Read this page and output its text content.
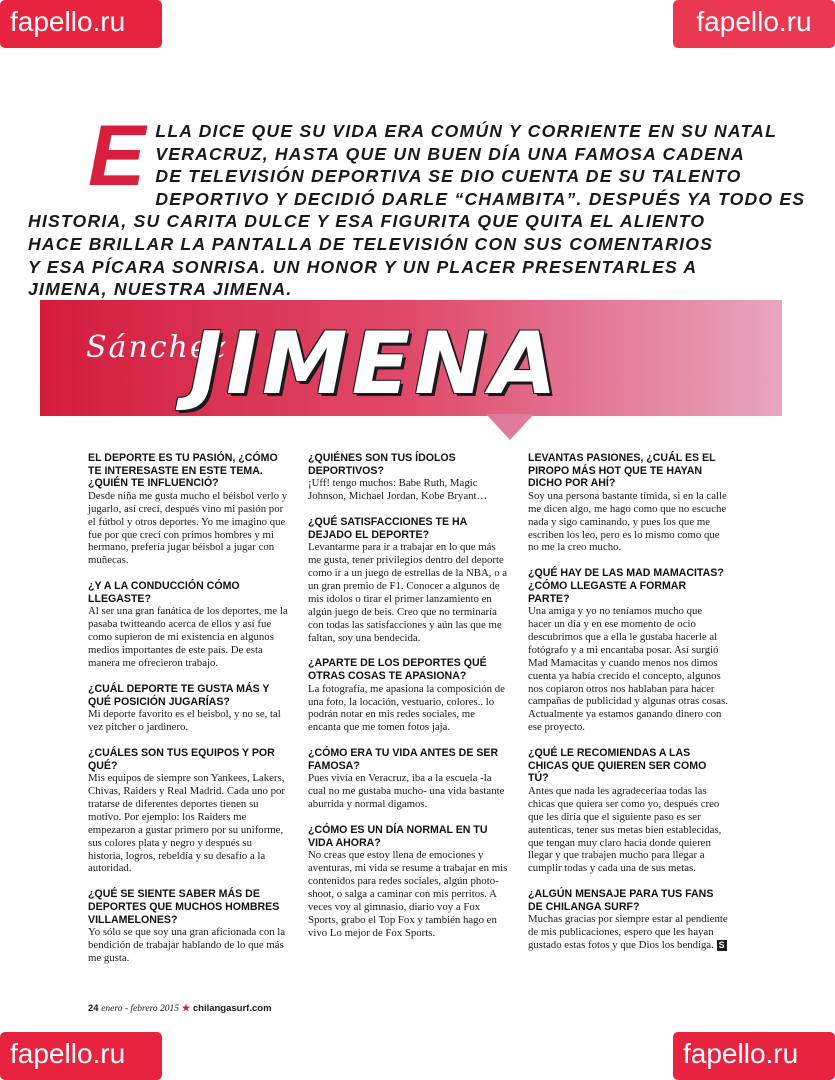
fapello.ru	fapello.ru
fapello.ru	fapello.ru
E LLA DICE QUE SU VIDA ERA COMÚN Y CORRIENTE EN SU NATAL
VERACRUZ, HASTA QUE UN BUEN DÍA UNA FAMOSA CADENA
DE TELEVISIÓN DEPORTIVA SE DIO CUENTA DE SU TALENTO
DEPORTIVO Y DECIDIÓ DARLE “CHAMBITA”. DESPUÉS YA TODO ES
HISTORIA, SU CARITA DULCE Y ESA FIGURITA QUE QUITA EL ALIENTO
HACE BRILLAR LA PANTALLA DE TELEVISIÓN CON SUS COMENTARIOS
Y ESA PÍCARA SONRISA. UN HONOR Y UN PLACER PRESENTARLES A
JIMENA, NUESTRA JIMENA.
Sánchez
JIMENA

EL DEPORTE ES TU PASIÓN, ¿CÓMO TE INTERESASTE EN ESTE TEMA. ¿QUIÉN TE INFLUENCIÓ?

Desde niña me gusta mucho el béisbol verlo y jugarlo, así crecí, después vino mi pasión por el fútbol y otros deportes. Yo me imagino que fue por que crecí con primos hombres y mi hermano, prefería jugar béisbol a jugar con muñecas.

¿Y A LA CONDUCCIÓN CÓMO LLEGASTE?

Al ser una gran fanática de los deportes, me la pasaba twitteando acerca de ellos y así fue como supieron de mi existencia en algunos medios importantes de este país. De esta manera me ofrecieron trabajo.

¿CUÁL DEPORTE TE GUSTA MÁS Y QUÉ POSICIÓN JUGARÍAS?

Mi deporte favorito es el beisbol, y no se, tal vez pitcher o jardinero.

¿CUÁLES SON TUS EQUIPOS Y POR QUÉ?

Mis equipos de siempre son Yankees, Lakers, Chivas, Raiders y Real Madrid. Cada uno por tratarse de diferentes deportes tienen su motivo. Por ejemplo: los Raiders me empezaron a gustar primero por su uniforme, sus colores plata y negro y después su historia, logros, rebeldía y su desafío a la autoridad.

¿QUÉ SE SIENTE SABER MÁS DE DEPORTES QUE MUCHOS HOMBRES VILLAMELONES?

Yo sólo se que soy una gran aficionada con la bendición de trabajar hablando de lo que más me gusta.

¿QUIÉNES SON TUS ÍDOLOS DEPORTIVOS?

¡Uff! tengo muchos: Babe Ruth, Magic Johnson, Michael Jordan, Kobe Bryant…

¿QUÉ SATISFACCIONES TE HA DEJADO EL DEPORTE?

Levantarme para ir a trabajar en lo que más me gusta, tener privilegios dentro del deporte como ir a un juego de estrellas de la NBA, o a un gran premio de F1. Conocer a algunos de mis ídolos o tirar el primer lanzamiento en algún juego de beis. Creo que no terminaría con todas las satisfacciones y aún las que me faltan, soy una bendecida.

¿APARTE DE LOS DEPORTES QUÉ OTRAS COSAS TE APASIONA?

La fotografía, me apasiona la composición de una foto, la locación, vestuario, colores.. lo podrán notar en mis redes sociales, me encanta que me tomen fotos jaja.

¿CÓMO ERA TU VIDA ANTES DE SER FAMOSA?

Pues vivía en Veracruz, iba a la escuela -la cual no me gustaba mucho- una vida bastante aburrida y normal digamos.

¿CÓMO ES UN DÍA NORMAL EN TU VIDA AHORA?

No creas que estoy llena de emociones y aventuras, mi vida se resume a trabajar en mis contenidos para redes sociales, algún photo-shoot, o salga a caminar con mis perritos. A veces voy al gimnasio, diario voy a Fox Sports, grabo el Top Fox y también hago en vivo Lo mejor de Fox Sports.

LEVANTAS PASIONES, ¿CUÁL ES EL PIROPO MÁS HOT QUE TE HAYAN DICHO POR AHÍ?

Soy una persona bastante tímida, si en la calle me dicen algo, me hago como que no escuche nada y sigo caminando, y pues los que me escriben los leo, pero es lo mismo como que no me la creo mucho.

¿QUÉ HAY DE LAS MAD MAMACITAS? ¿CÓMO LLEGASTE A FORMAR PARTE?

Una amiga y yo no teníamos mucho que hacer un día y en ese momento de ocio descubrimos que a ella le gustaba hacerle al fotógrafo y a mi encantaba posar. Así surgió Mad Mamacitas y cuando menos nos dimos cuenta ya había crecido el concepto, algunos nos copiaron otros nos hablaban para hacer campañas de publicidad y algunas otras cosas. Actualmente ya estamos ganando dinero con ese proyecto.

¿QUÉ LE RECOMIENDAS A LAS CHICAS QUE QUIEREN SER COMO TÚ?

Antes que nada les agradeceríaa todas las chicas que quiera ser como yo, después creo que les diría que el siguiente paso es ser autenticas, tener sus metas bien establecidas, que tengan muy claro hacia donde quieren llegar y que trabajen mucho para llegar a cumplir todas y cada una de sus metas.

¿ALGÚN MENSAJE PARA TUS FANS DE CHILANGA SURF?

Muchas gracias por siempre estar al pendiente de mis publicaciones, espero que les hayan gustado estas fotos y que Dios los bendiga. S

24 enero - febrero 2015 ★ chilangasurf.com
